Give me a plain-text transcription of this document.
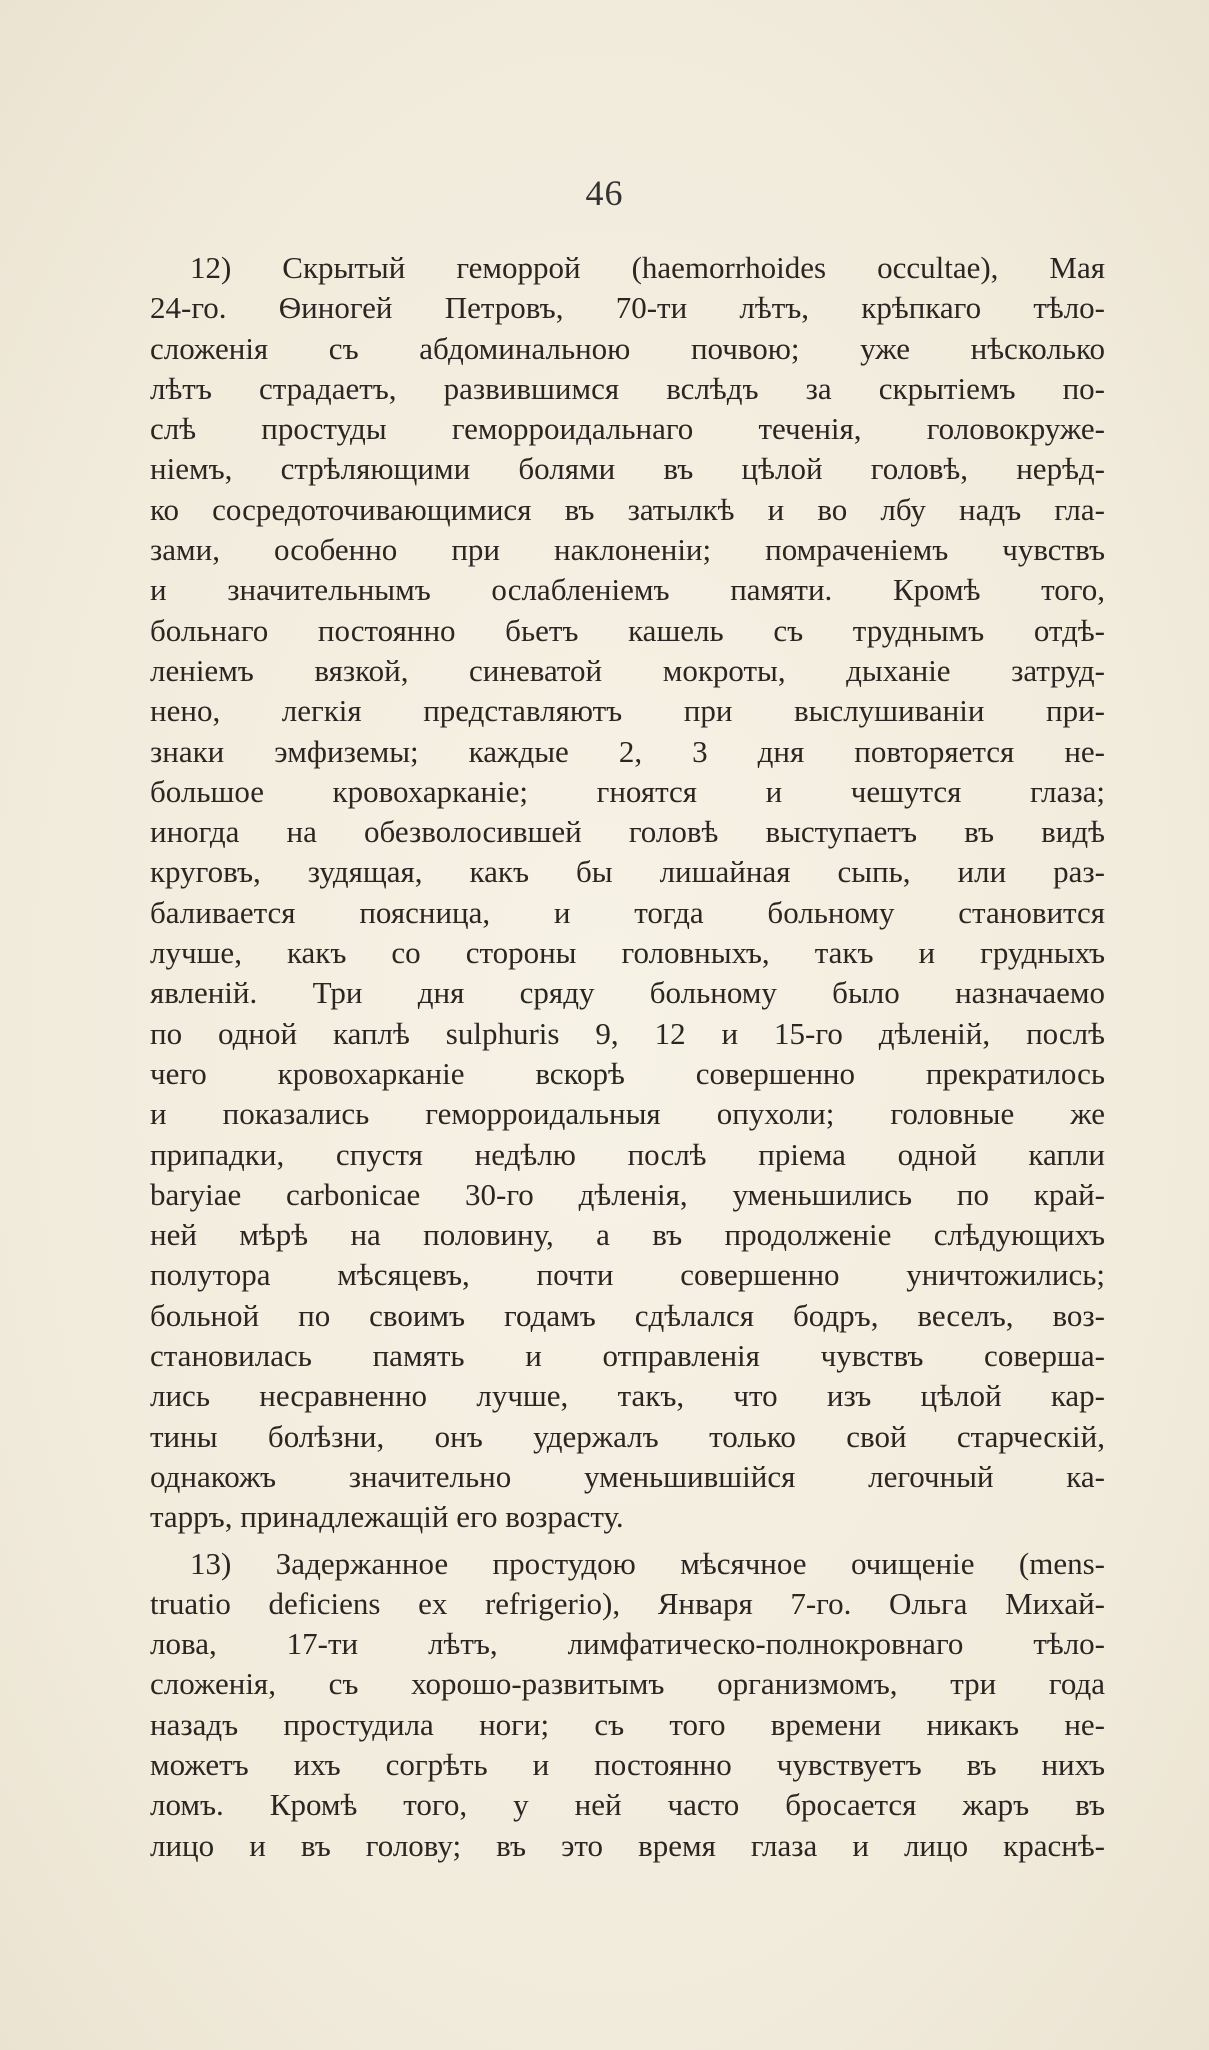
46
12) Скрытый геморрой (haemorrhoides occultae), Мая
24-го. Ѳиногей Петровъ, 70-ти лѣтъ, крѣпкаго тѣло-
сложенія съ абдоминальною почвою; уже нѣсколько
лѣтъ страдаетъ, развившимся вслѣдъ за скрытіемъ по-
слѣ простуды геморроидальнаго теченія, головокруже-
ніемъ, стрѣляющими болями въ цѣлой головѣ, нерѣд-
ко сосредоточивающимися въ затылкѣ и во лбу надъ гла-
зами, особенно при наклоненіи; помраченіемъ чувствъ
и значительнымъ ослабленіемъ памяти. Кромѣ того,
больнаго постоянно бьетъ кашель съ труднымъ отдѣ-
леніемъ вязкой, синеватой мокроты, дыханіе затруд-
нено, легкія представляютъ при выслушиваніи при-
знаки эмфиземы; каждые 2, 3 дня повторяется не-
большое кровохарканіе; гноятся и чешутся глаза;
иногда на обезволосившей головѣ выступаетъ въ видѣ
круговъ, зудящая, какъ бы лишайная сыпь, или раз-
баливается поясница, и тогда больному становится
лучше, какъ со стороны головныхъ, такъ и грудныхъ
явленій. Три дня сряду больному было назначаемо
по одной каплѣ sulphuris 9, 12 и 15-го дѣленій, послѣ
чего кровохарканіе вскорѣ совершенно прекратилось
и показались геморроидальныя опухоли; головные же
припадки, спустя недѣлю послѣ пріема одной капли
baryiae carbonicae 30-го дѣленія, уменьшились по край-
ней мѣрѣ на половину, а въ продолженіе слѣдующихъ
полутора мѣсяцевъ, почти совершенно уничтожились;
больной по своимъ годамъ сдѣлался бодръ, веселъ, воз-
становилась память и отправленія чувствъ соверша-
лись несравненно лучше, такъ, что изъ цѣлой кар-
тины болѣзни, онъ удержалъ только свой старческій,
однакожъ значительно уменьшившійся легочный ка-
тарръ, принадлежащій его возрасту.
13) Задержанное простудою мѣсячное очищеніе (mens-
truatio deficiens ex refrigerio), Января 7-го. Ольга Михай-
лова, 17-ти лѣтъ, лимфатическо-полнокровнаго тѣло-
сложенія, съ хорошо-развитымъ организмомъ, три года
назадъ простудила ноги; съ того времени никакъ не-
можетъ ихъ согрѣть и постоянно чувствуетъ въ нихъ
ломъ. Кромѣ того, у ней часто бросается жаръ въ
лицо и въ голову; въ это время глаза и лицо краснѣ-
